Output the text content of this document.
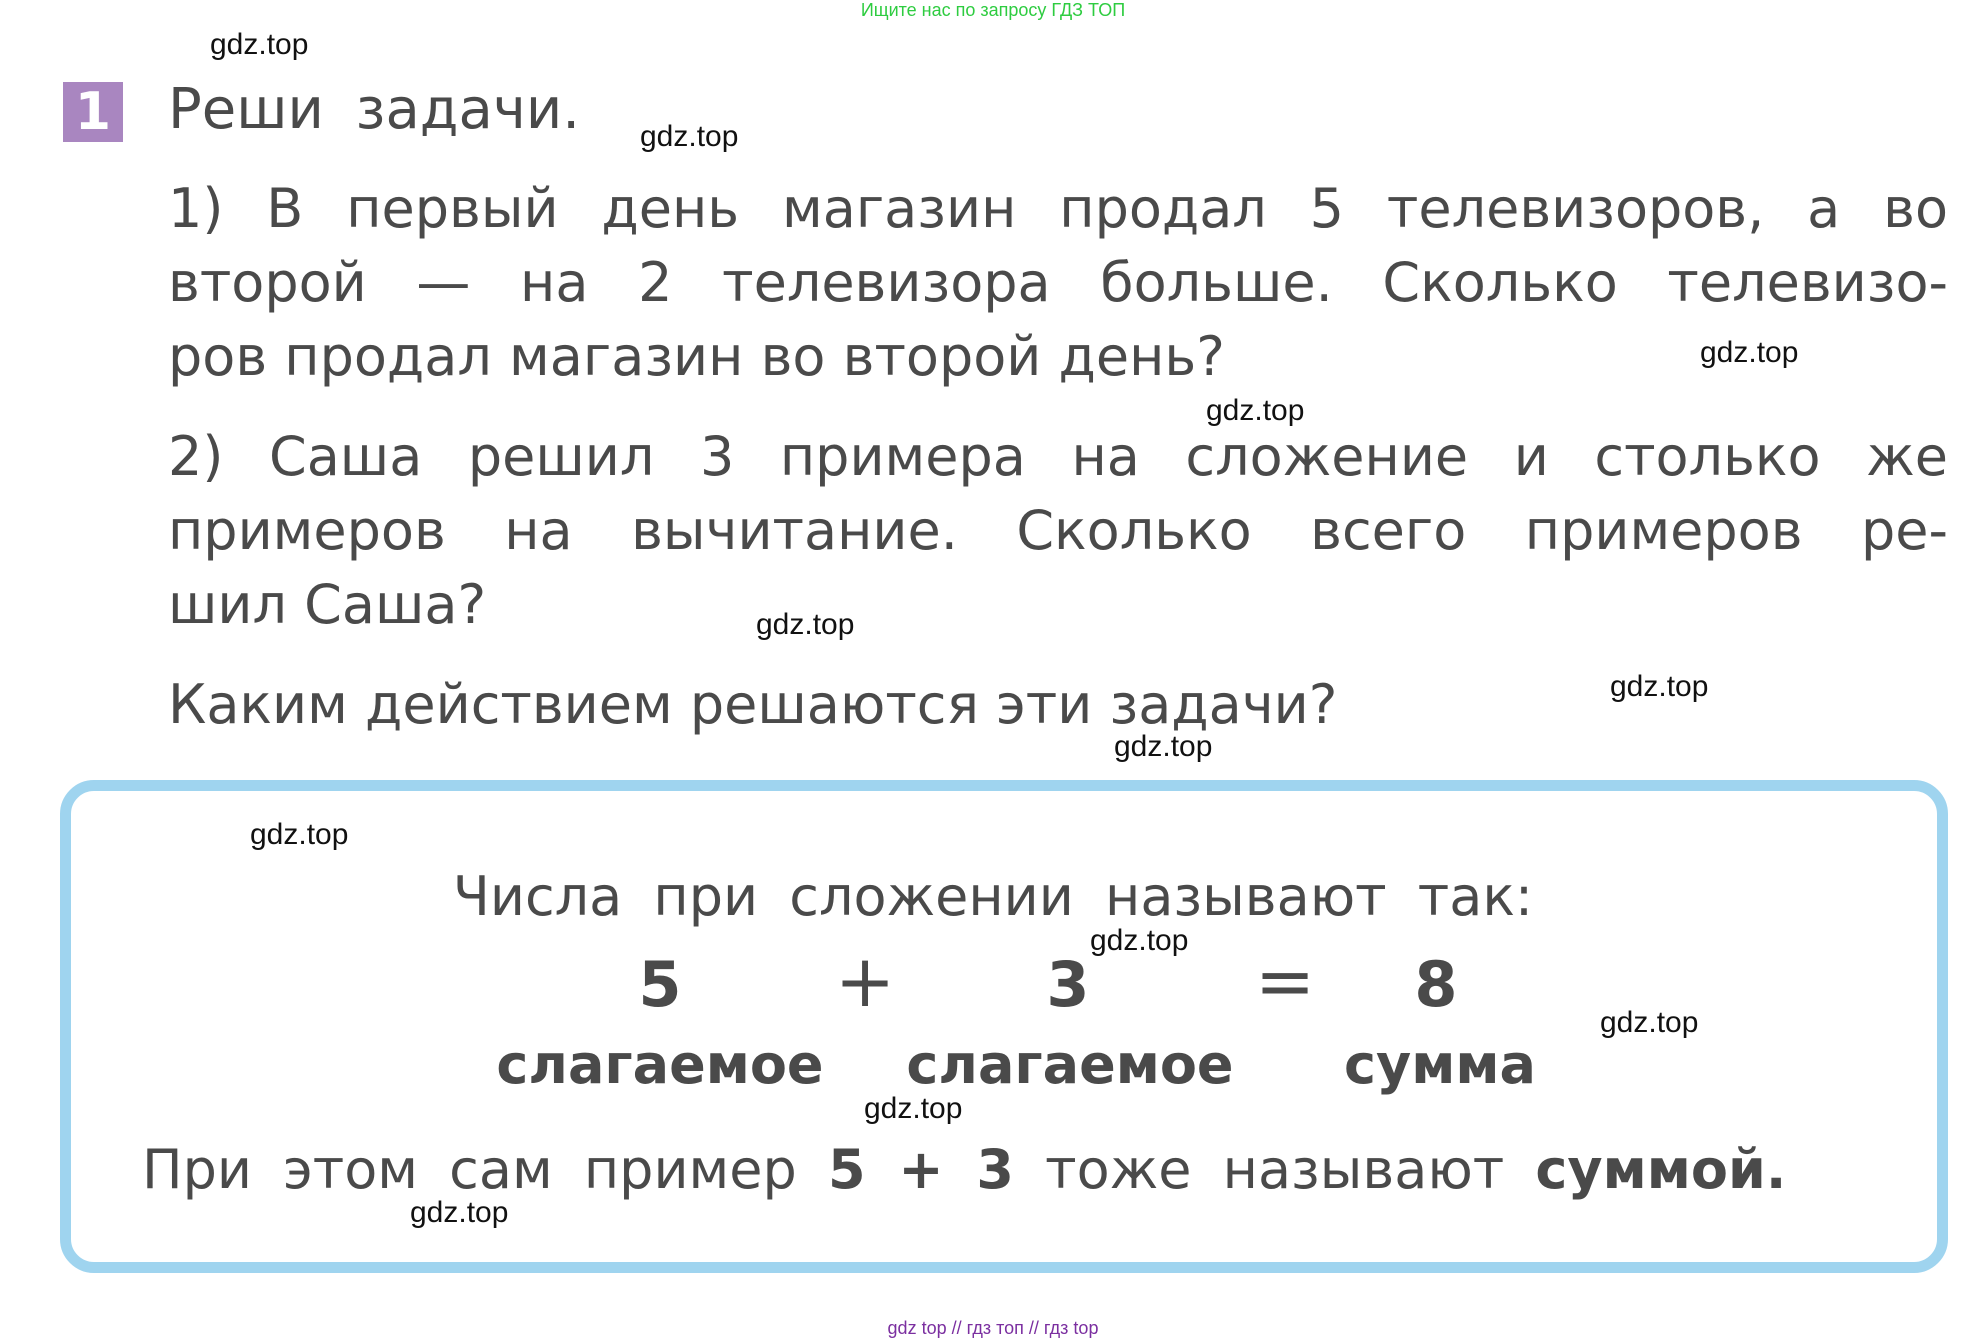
Ищите нас по запросу ГДЗ ТОП
1 Реши задачи.
1) В первый день магазин продал 5 телевизоров, а во
второй — на 2 телевизора больше. Сколько телевизо-
ров продал магазин во второй день?
2) Саша решил 3 примера на сложение и столько же
примеров на вычитание. Сколько всего примеров ре-
шил Саша?
Каким действием решаются эти задачи?
Числа при сложении называют так:
5 + 3 = 8
слагаемое	слагаемое	сумма
При этом сам пример 5 + 3 тоже называют суммой.
gdz.top
gdz.top
gdz.top
gdz.top
gdz.top
gdz.top
gdz.top
gdz.top
gdz.top
gdz.top
gdz.top
gdz.top
gdz top // гдз топ // гдз top
